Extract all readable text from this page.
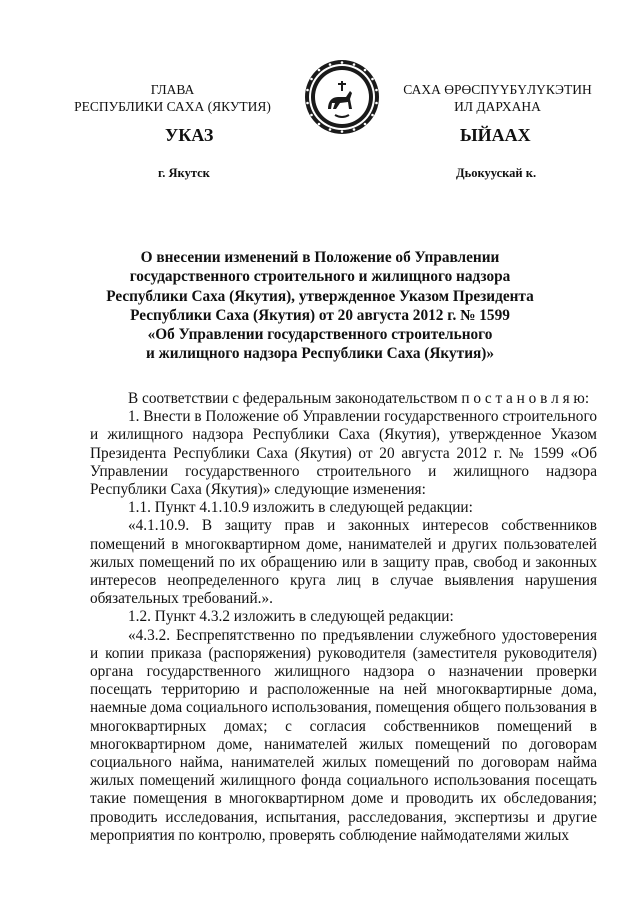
ГЛАВА
РЕСПУБЛИКИ САХА (ЯКУТИЯ)
САХА ӨРӨСПҮҮБҮЛҮКЭТИН
ИЛ ДАРХАНА
УКАЗ	ЫЙААХ
г. Якутск	Дьокуускай к.
О внесении изменений в Положение об Управлении
государственного строительного и жилищного надзора
Республики Саха (Якутия), утвержденное Указом Президента
Республики Саха (Якутия) от 20 августа 2012 г. № 1599
«Об Управлении государственного строительного
и жилищного надзора Республики Саха (Якутия)»

В соответствии с федеральным законодательством п о с т а н о в л я ю:

1. Внести в Положение об Управлении государственного строительного и жилищного надзора Республики Саха (Якутия), утвержденное Указом Президента Республики Саха (Якутия) от 20 августа 2012 г. № 1599 «Об Управлении государственного строительного и жилищного надзора Республики Саха (Якутия)» следующие изменения:

1.1. Пункт 4.1.10.9 изложить в следующей редакции:

«4.1.10.9. В защиту прав и законных интересов собственников помещений в многоквартирном доме, нанимателей и других пользователей жилых помещений по их обращению или в защиту прав, свобод и законных интересов неопределенного круга лиц в случае выявления нарушения обязательных требований.».

1.2. Пункт 4.3.2 изложить в следующей редакции:

«4.3.2. Беспрепятственно по предъявлении служебного удостоверения и копии приказа (распоряжения) руководителя (заместителя руководителя) органа государственного жилищного надзора о назначении проверки посещать территорию и расположенные на ней многоквартирные дома, наемные дома социального использования, помещения общего пользования в многоквартирных домах; с согласия собственников помещений в многоквартирном доме, нанимателей жилых помещений по договорам социального найма, нанимателей жилых помещений по договорам найма жилых помещений жилищного фонда социального использования посещать такие помещения в многоквартирном доме и проводить их обследования; проводить исследования, испытания, расследования, экспертизы и другие мероприятия по контролю, проверять соблюдение наймодателями жилых
